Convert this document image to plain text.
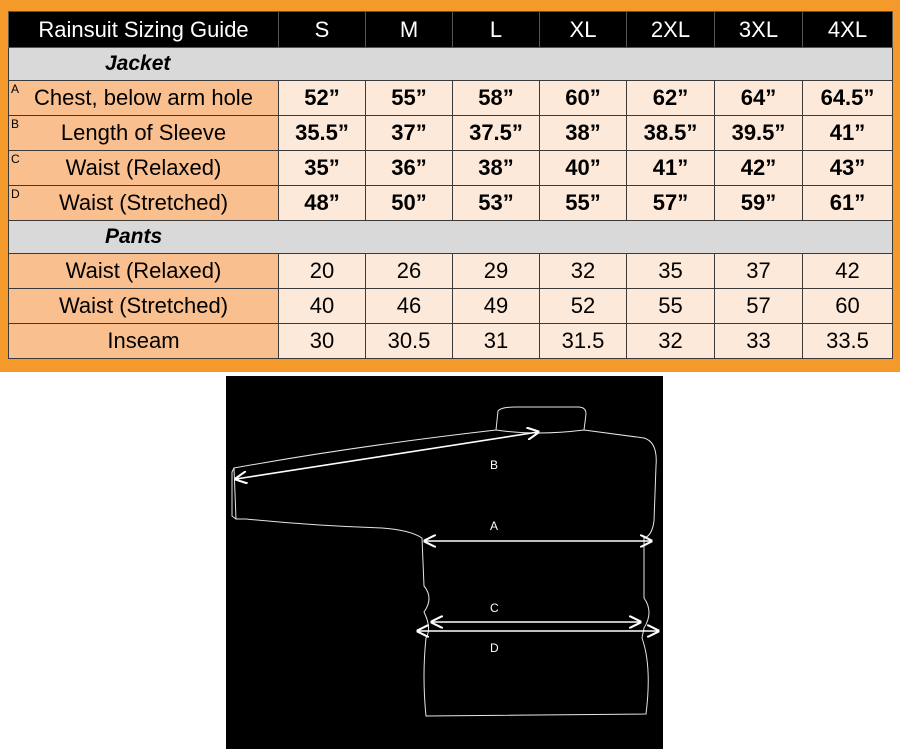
Rainsuit Sizing Guide	S	M	L	XL	2XL	3XL	4XL
Jacket							

A Chest, below arm hole	52”	55”	58”	60”	62”	64”	64.5”

B Length of Sleeve	35.5”	37”	37.5”	38”	38.5”	39.5”	41”

C Waist (Relaxed)	35”	36”	38”	40”	41”	42”	43”

D Waist (Stretched)	48”	50”	53”	55”	57”	59”	61”
Pants							
Waist (Relaxed)	20	26	29	32	35	37	42
Waist (Stretched)	40	46	49	52	55	57	60
Inseam	30	30.5	31	31.5	32	33	33.5
B
A
C
D
